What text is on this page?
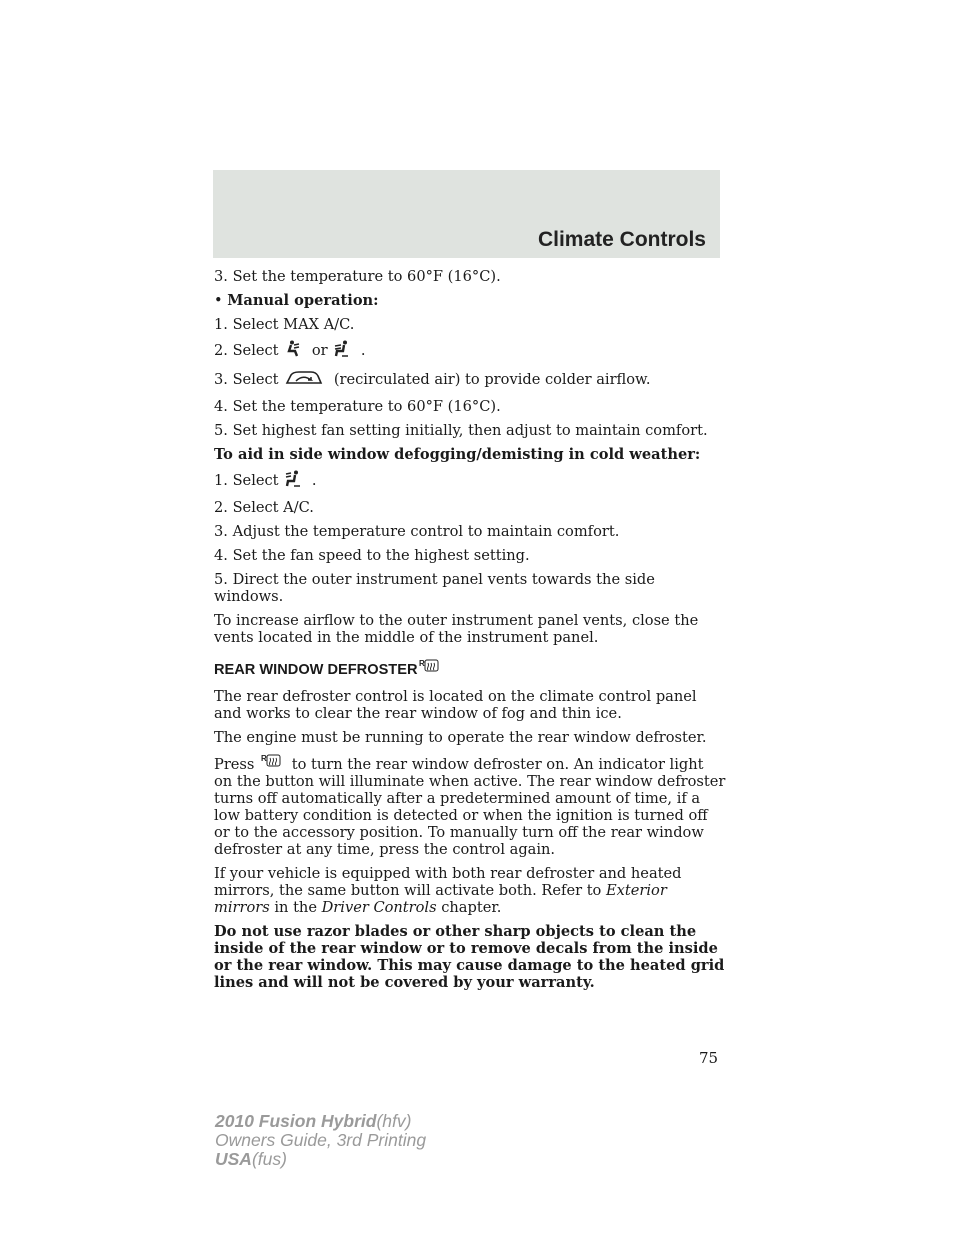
Climate Controls

3. Set the temperature to 60°F (16°C).

• Manual operation:

1. Select MAX A/C.

2. Select or .

3. Select	(recirculated air) to provide colder airflow.

4. Set the temperature to 60°F (16°C).

5. Set highest fan setting initially, then adjust to maintain comfort.

To aid in side window defogging/demisting in cold weather:

1. Select .

2. Select A/C.

3. Adjust the temperature control to maintain comfort.

4. Set the fan speed to the highest setting.

5. Direct the outer instrument panel vents towards the side windows.

To increase airflow to the outer instrument panel vents, close the vents located in the middle of the instrument panel.

REAR WINDOW DEFROSTER R

The rear defroster control is located on the climate control panel and works to clear the rear window of fog and thin ice.

The engine must be running to operate the rear window defroster.

Press R to turn the rear window defroster on. An indicator light on the button will illuminate when active. The rear window defroster turns off automatically after a predetermined amount of time, if a low battery condition is detected or when the ignition is turned off or to the accessory position. To manually turn off the rear window defroster at any time, press the control again.

If your vehicle is equipped with both rear defroster and heated mirrors, the same button will activate both. Refer to Exterior mirrors in the Driver Controls chapter.

Do not use razor blades or other sharp objects to clean the inside of the rear window or to remove decals from the inside or the rear window. This may cause damage to the heated grid lines and will not be covered by your warranty.

75
2010 Fusion Hybrid(hfv)
Owners Guide, 3rd Printing
USA(fus)
